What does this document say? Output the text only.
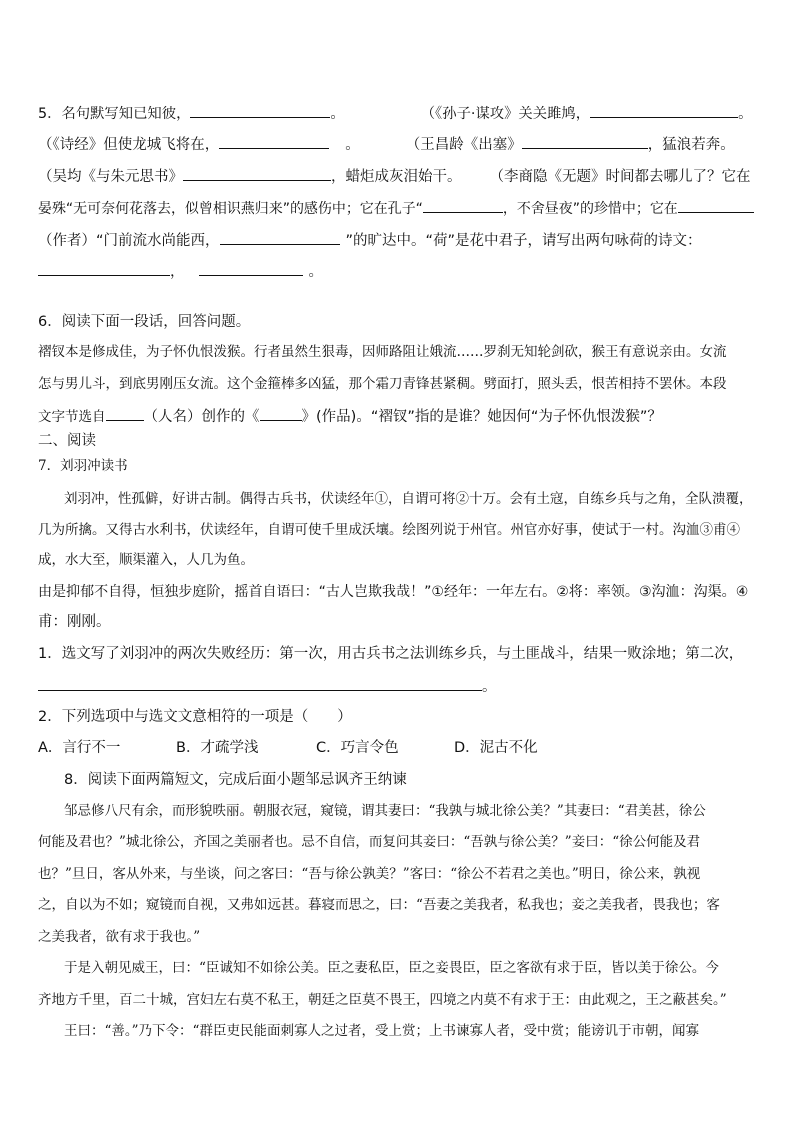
5．名句默写知已知彼，	。	（《孙子·谋攻》关关雎鸠，	。
（《诗经》但使龙城飞将在，	。	（王昌龄《出塞》	，猛浪若奔。
（吴均《与朱元思书》	，蜡炬成灰泪始干。 （李商隐《无题》时间都去哪儿了？它在
晏殊“无可奈何花落去，似曾相识燕归来”的感伤中；它在孔子“	，不舍昼夜”的珍惜中；它在
（作者）“门前流水尚能西，	”的旷达中。“荷”是花中君子，请写出两句咏荷的诗文：
，	。
6．阅读下面一段话，回答问题。
褶钗本是修成佳，为子怀仇恨泼猴。行者虽然生狠毒，因师路阻让娥流……罗刹无知轮剑砍，猴王有意说亲由。女流
怎与男儿斗，到底男刚压女流。这个金箍棒多凶猛，那个霜刀青锋甚紧稠。劈面打，照头丢，恨苦相持不罢休。本段
文字节选自	（人名）创作的《	》(作品)。“褶钗”指的是谁？她因何“为子怀仇恨泼猴”？
二、阅读
7．刘羽冲读书
刘羽冲，性孤僻，好讲古制。偶得古兵书，伏读经年①，自谓可将②十万。会有土寇，自练乡兵与之角，全队溃覆，
几为所擒。又得古水利书，伏读经年，自谓可使千里成沃壤。绘图列说于州官。州官亦好事，使试于一村。沟洫③甫④
成，水大至，顺渠灌入，人几为鱼。
由是抑郁不自得，恒独步庭阶，摇首自语曰：“古人岂欺我哉！”①经年：一年左右。②将：率领。③沟洫：沟渠。④
甫：刚刚。
1．选文写了刘羽冲的两次失败经历：第一次，用古兵书之法训练乡兵，与土匪战斗，结果一败涂地；第二次，
。
2．下列选项中与选文文意相符的一项是（　　）
A．言行不一	B．才疏学浅	C．巧言令色	D．泥古不化
8．阅读下面两篇短文，完成后面小题邹忌讽齐王纳谏
邹忌修八尺有余，而形貌昳丽。朝服衣冠，窥镜，谓其妻曰：“我孰与城北徐公美？”其妻曰：“君美甚，徐公
何能及君也？”城北徐公，齐国之美丽者也。忌不自信，而复问其妾曰：“吾孰与徐公美？”妾曰：“徐公何能及君
也？”旦日，客从外来，与坐谈，问之客曰：“吾与徐公孰美？”客曰：“徐公不若君之美也。”明日，徐公来，孰视
之，自以为不如；窥镜而自视，又弗如远甚。暮寝而思之，曰：“吾妻之美我者，私我也；妾之美我者，畏我也；客
之美我者，欲有求于我也。”
于是入朝见威王，曰：“臣诚知不如徐公美。臣之妻私臣，臣之妾畏臣，臣之客欲有求于臣，皆以美于徐公。今
齐地方千里，百二十城，宫妇左右莫不私王，朝廷之臣莫不畏王，四境之内莫不有求于王：由此观之，王之蔽甚矣。”
王曰：“善。”乃下令：“群臣吏民能面刺寡人之过者，受上赏；上书谏寡人者，受中赏；能谤讥于市朝，闻寡
